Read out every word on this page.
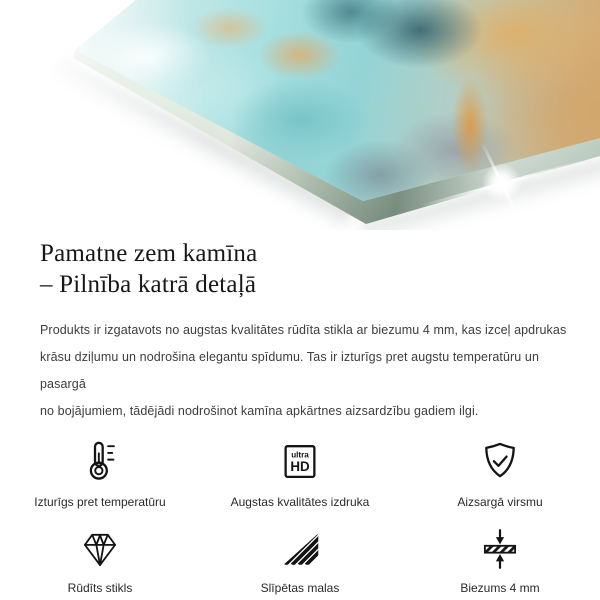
Pamatne zem kamīna
– Pilnība katrā detaļā
Produkts ir izgatavots no augstas kvalitātes rūdīta stikla ar biezumu 4 mm, kas izceļ apdrukas
krāsu dziļumu un nodrošina elegantu spīdumu. Tas ir izturīgs pret augstu temperatūru un pasargā
no bojājumiem, tādējādi nodrošinot kamīna apkārtnes aizsardzību gadiem ilgi.
Izturīgs pret temperatūru
ultra
HD
Augstas kvalitātes izdruka	Aizsargā virsmu
Rūdīts stikls	Slīpētas malas	Biezums 4 mm
